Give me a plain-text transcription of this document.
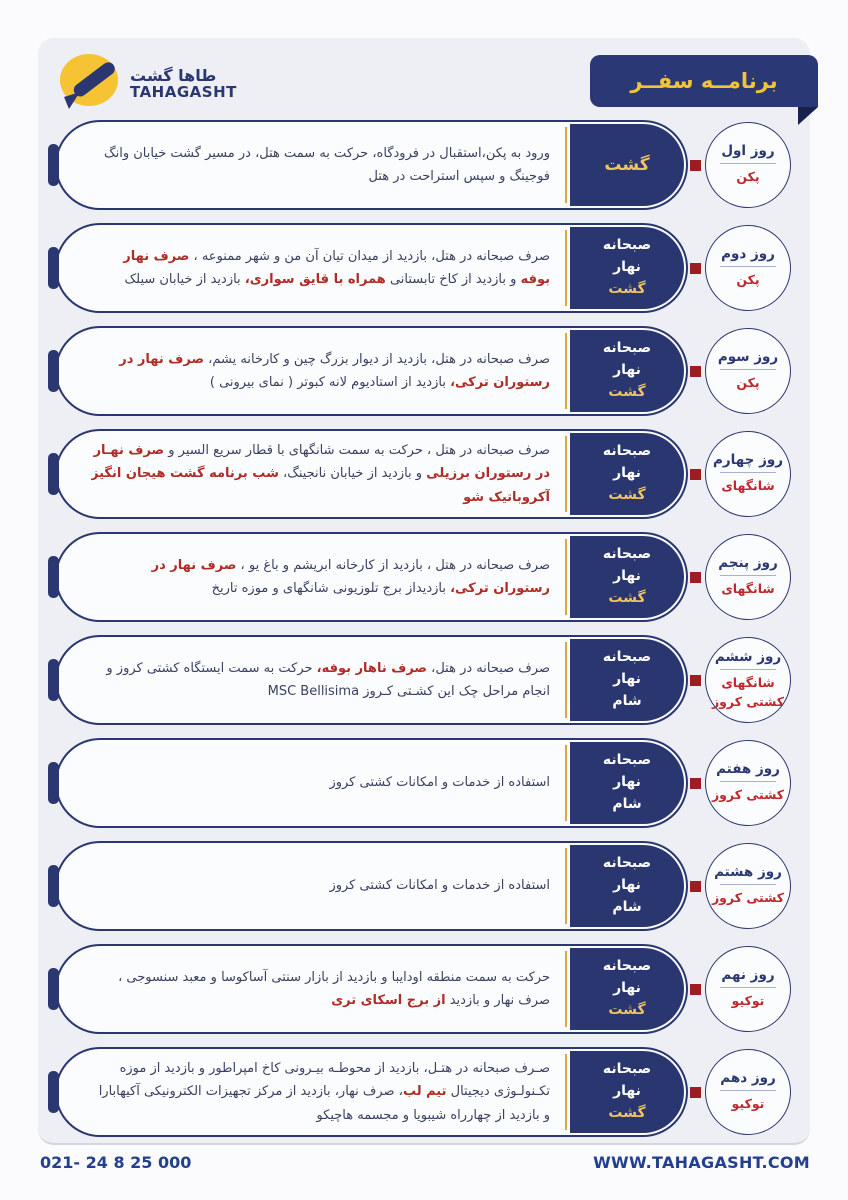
طاها گشت
TAHAGASHT	برنامــه سفــر
ورود به پکن،استقبال در فرودگاه، حرکت به سمت هتل، در مسیر گشت خیابان وانگ فوجینگ و سپس استراحت در هتل
گشت
روز اول
پکن
صرف صبحانه در هتل، بازدید از میدان تیان آن من و شهر ممنوعه ، صرف نهار بوفه و بازدید از کاخ تابستانی همراه با قایق سواری، بازدید از خیابان سیلک
صبحانه
نهار
گشت
روز دوم
پکن
صرف صبحانه در هتل، بازدید از دیوار بزرگ چین و کارخانه یشم، صرف نهار در رستوران ترکی، بازدید از استادیوم لانه کبوتر ( نمای بیرونی )
صبحانه
نهار
گشت
روز سوم
پکن
صرف صبحانه در هتل ، حرکت به سمت شانگهای با قطار سریع السیر و صرف نهـار در رستوران برزیلی و بازدید از خیابان نانجینگ، شب برنامه گشت هیجان انگیز آکروباتیک شو
صبحانه
نهار
گشت
روز چهارم
شانگهای
صرف صبحانه در هتل ، بازدید از کارخانه ابریشم و باغ یو ، صرف نهار در رستوران ترکی، بازدیداز برج تلوزیونی شانگهای و موزه تاریخ
صبحانه
نهار
گشت
روز پنجم
شانگهای
صرف صبحانه در هتل، صرف ناهار بوفه، حرکت به سمت ایستگاه کشتی کروز و انجام مراحل چک این کشـتی کـروز MSC Bellisima
صبحانه
نهار
شام
روز ششم
شانگهای
کشتی کروز
استفاده از خدمات و امکانات کشتی کروز
صبحانه
نهار
شام
روز هفتم
کشتی کروز
استفاده از خدمات و امکانات کشتی کروز
صبحانه
نهار
شام
روز هشتم
کشتی کروز
حرکت به سمت منطقه اودایبا و بازدید از بازار سنتی آساکوسا و معبد سنسوجی ، صرف نهار و بازدید از برج اسکای تری
صبحانه
نهار
گشت
روز نهم
توکیو
صـرف صبحانه در هتـل، بازدید از محوطـه بیـرونی کاخ امپراطور و بازدید از موزه تکـنولـوژی دیجیتال تیم لب، صرف نهار، بازدید از مرکز تجهیزات الکترونیکی آکیهابارا و بازدید از چهارراه شیبویا و مجسمه هاچیکو
صبحانه
نهار
گشت
روز دهم
توکیو
021- 24 8 25 000	WWW.TAHAGASHT.COM
